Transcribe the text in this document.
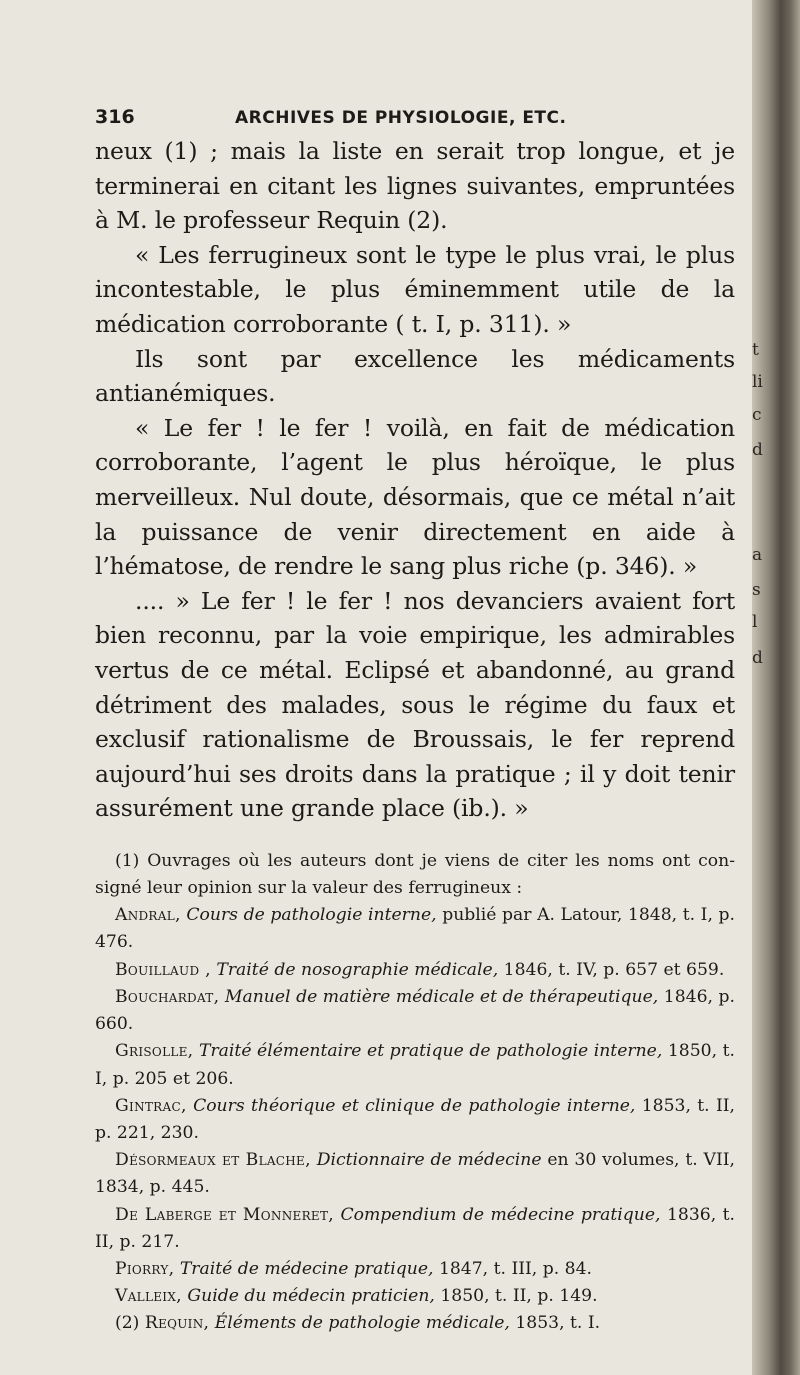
t
li
c
d
a
s
l
d
316	ARCHIVES DE PHYSIOLOGIE, ETC.

neux (1) ; mais la liste en serait trop longue, et je terminerai en citant les lignes suivantes, empruntées à M. le professeur Requin (2).

« Les ferrugineux sont le type le plus vrai, le plus incontestable, le plus éminemment utile de la médication corroborante ( t. I, p. 311). »

Ils sont par excellence les médicaments antianémiques.

« Le fer ! le fer ! voilà, en fait de médication corroborante, l’agent le plus héroïque, le plus merveilleux. Nul doute, désormais, que ce métal n’ait la puissance de venir directement en aide à l’hématose, de rendre le sang plus riche (p. 346). »

.... » Le fer ! le fer ! nos devanciers avaient fort bien reconnu, par la voie empirique, les admirables vertus de ce métal. Eclipsé et abandonné, au grand détriment des malades, sous le régime du faux et exclusif rationalisme de Broussais, le fer reprend aujourd’hui ses droits dans la pratique ; il y doit tenir assurément une grande place (ib.). »

(1) Ouvrages où les auteurs dont je viens de citer les noms ont consigné leur opinion sur la valeur des ferrugineux :

Andral, Cours de pathologie interne, publié par A. Latour, 1848, t. I, p. 476.

Bouillaud , Traité de nosographie médicale, 1846, t. IV, p. 657 et 659.

Bouchardat, Manuel de matière médicale et de thérapeutique, 1846, p. 660.

Grisolle, Traité élémentaire et pratique de pathologie interne, 1850, t. I, p. 205 et 206.

Gintrac, Cours théorique et clinique de pathologie interne, 1853, t. II, p. 221, 230.

Désormeaux et Blache, Dictionnaire de médecine en 30 volumes, t. VII, 1834, p. 445.

De Laberge et Monneret, Compendium de médecine pratique, 1836, t. II, p. 217.

Piorry, Traité de médecine pratique, 1847, t. III, p. 84.

Valleix, Guide du médecin praticien, 1850, t. II, p. 149.

(2) Requin, Éléments de pathologie médicale, 1853, t. I.
